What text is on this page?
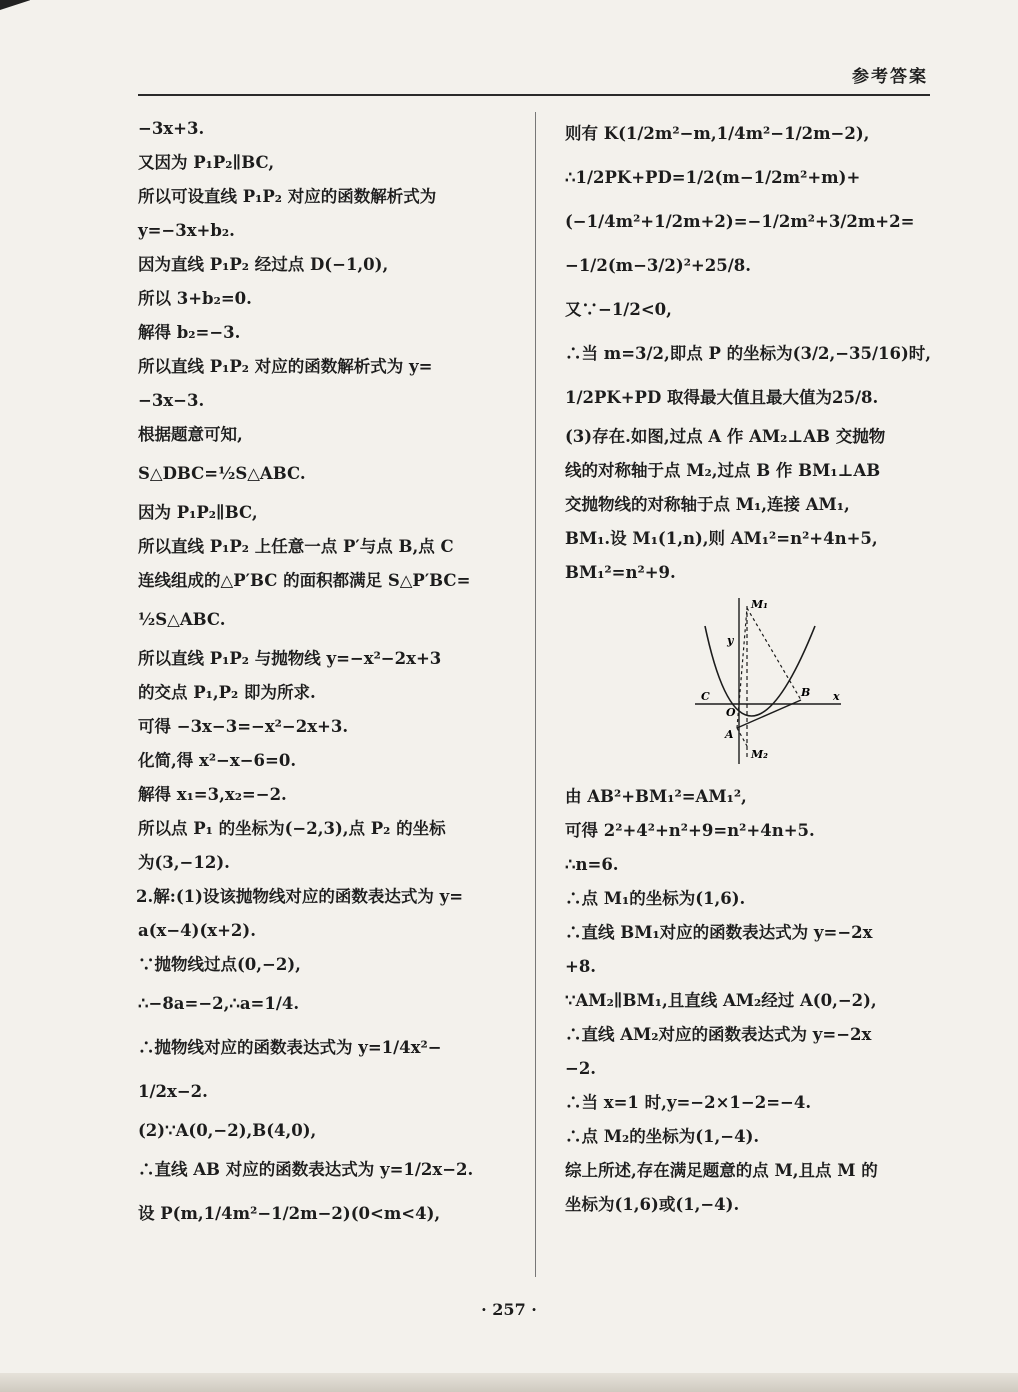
参考答案
−3x+3.
又因为 P₁P₂∥BC,
所以可设直线 P₁P₂ 对应的函数解析式为
y=−3x+b₂.
因为直线 P₁P₂ 经过点 D(−1,0),
所以 3+b₂=0.
解得 b₂=−3.
所以直线 P₁P₂ 对应的函数解析式为 y=
−3x−3.
根据题意可知,
S△DBC=½S△ABC.
因为 P₁P₂∥BC,
所以直线 P₁P₂ 上任意一点 P′与点 B,点 C
连线组成的△P′BC 的面积都满足 S△P′BC=
½S△ABC.
所以直线 P₁P₂ 与抛物线 y=−x²−2x+3
的交点 P₁,P₂ 即为所求.
可得 −3x−3=−x²−2x+3.
化简,得 x²−x−6=0.
解得 x₁=3,x₂=−2.
所以点 P₁ 的坐标为(−2,3),点 P₂ 的坐标
为(3,−12).
2.解:(1)设该抛物线对应的函数表达式为 y=
a(x−4)(x+2).
∵抛物线过点(0,−2),
∴−8a=−2,∴a=1/4.
∴抛物线对应的函数表达式为 y=1/4x²−
1/2x−2.
(2)∵A(0,−2),B(4,0),
∴直线 AB 对应的函数表达式为 y=1/2x−2.
设 P(m,1/4m²−1/2m−2)(0<m<4),
则有 K(1/2m²−m,1/4m²−1/2m−2),
∴1/2PK+PD=1/2(m−1/2m²+m)+
(−1/4m²+1/2m+2)=−1/2m²+3/2m+2=
−1/2(m−3/2)²+25/8.
又∵−1/2<0,
∴当 m=3/2,即点 P 的坐标为(3/2,−35/16)时,
1/2PK+PD 取得最大值且最大值为25/8.
(3)存在.如图,过点 A 作 AM₂⊥AB 交抛物
线的对称轴于点 M₂,过点 B 作 BM₁⊥AB
交抛物线的对称轴于点 M₁,连接 AM₁,
BM₁.设 M₁(1,n),则 AM₁²=n²+4n+5,
BM₁²=n²+9.
M₁
y
C
O
B x
A
M₂
由 AB²+BM₁²=AM₁²,
可得 2²+4²+n²+9=n²+4n+5.
∴n=6.
∴点 M₁的坐标为(1,6).
∴直线 BM₁对应的函数表达式为 y=−2x
+8.
∵AM₂∥BM₁,且直线 AM₂经过 A(0,−2),
∴直线 AM₂对应的函数表达式为 y=−2x
−2.
∴当 x=1 时,y=−2×1−2=−4.
∴点 M₂的坐标为(1,−4).
综上所述,存在满足题意的点 M,且点 M 的
坐标为(1,6)或(1,−4).
· 257 ·
